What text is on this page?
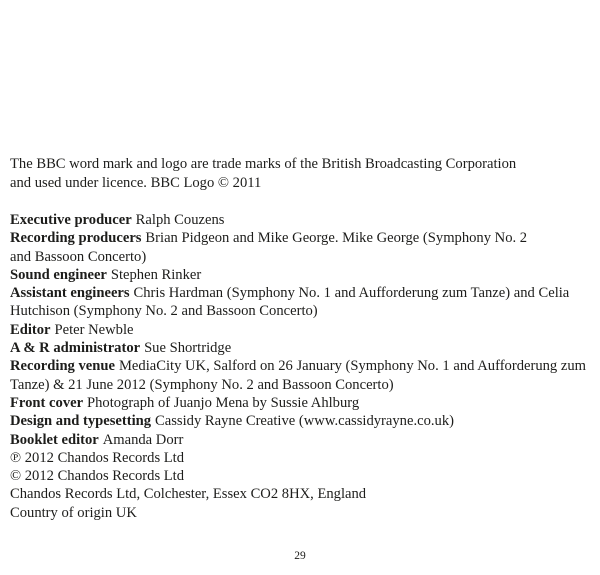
The BBC word mark and logo are trade marks of the British Broadcasting Corporation
and used under licence. BBC Logo © 2011
Executive producer Ralph Couzens
Recording producers Brian Pidgeon and Mike George. Mike George (Symphony No. 2
and Bassoon Concerto)
Sound engineer Stephen Rinker
Assistant engineers Chris Hardman (Symphony No. 1 and Aufforderung zum Tanze) and Celia
Hutchison (Symphony No. 2 and Bassoon Concerto)
Editor Peter Newble
A & R administrator Sue Shortridge
Recording venue MediaCity UK, Salford on 26 January (Symphony No. 1 and Aufforderung zum
Tanze) & 21 June 2012 (Symphony No. 2 and Bassoon Concerto)
Front cover Photograph of Juanjo Mena by Sussie Ahlburg
Design and typesetting Cassidy Rayne Creative (www.cassidyrayne.co.uk)
Booklet editor Amanda Dorr
℗ 2012 Chandos Records Ltd
© 2012 Chandos Records Ltd
Chandos Records Ltd, Colchester, Essex CO2 8HX, England
Country of origin UK
29
